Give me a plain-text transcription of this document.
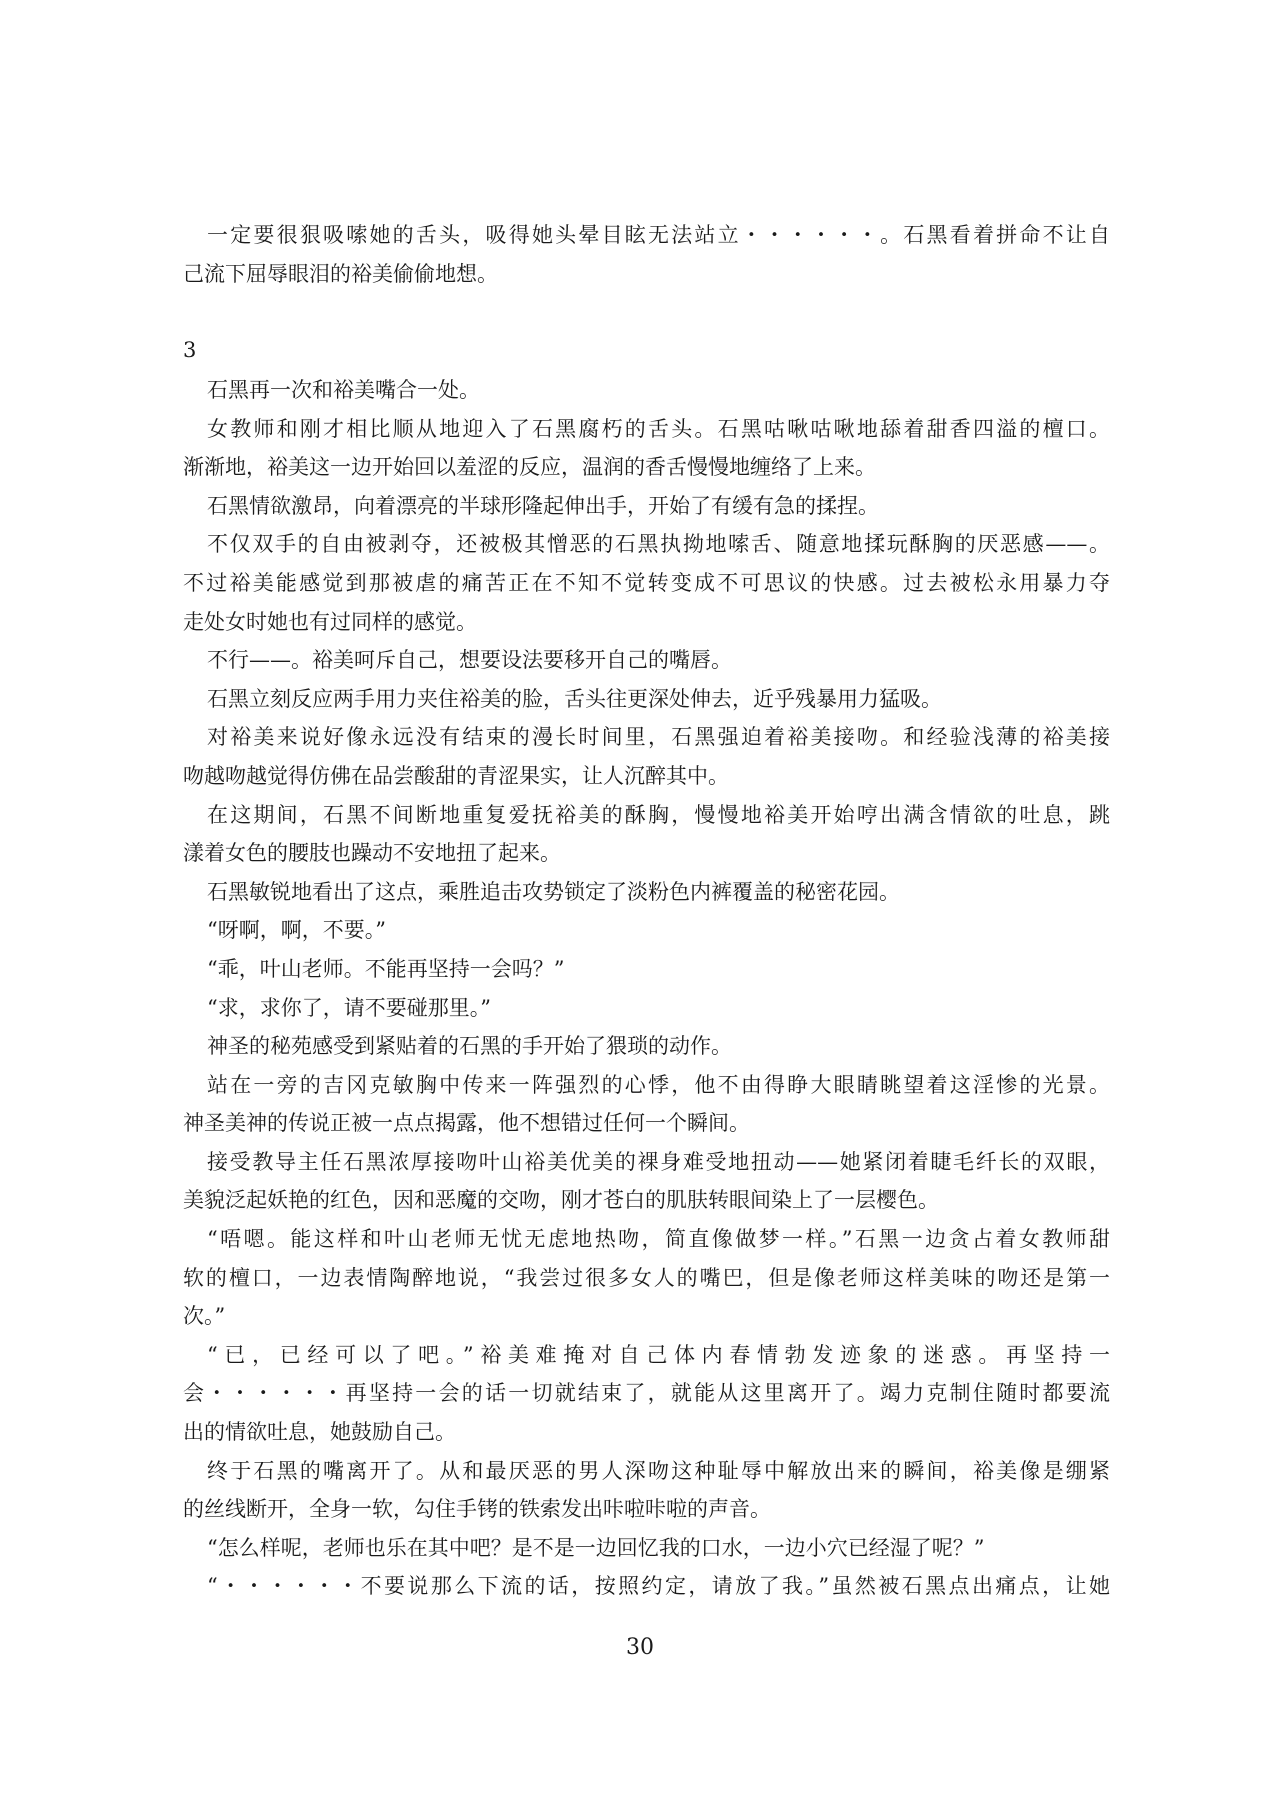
一定要很狠吸嗦她的舌头，吸得她头晕目眩无法站立・・・・・・。石黑看着拼命不让自
己流下屈辱眼泪的裕美偷偷地想。
3
石黑再一次和裕美嘴合一处。
女教师和刚才相比顺从地迎入了石黑腐朽的舌头。石黑咕啾咕啾地舔着甜香四溢的檀口。
渐渐地，裕美这一边开始回以羞涩的反应，温润的香舌慢慢地缠络了上来。
石黑情欲激昂，向着漂亮的半球形隆起伸出手，开始了有缓有急的揉捏。
不仅双手的自由被剥夺，还被极其憎恶的石黑执拗地嗦舌、随意地揉玩酥胸的厌恶感——。
不过裕美能感觉到那被虐的痛苦正在不知不觉转变成不可思议的快感。过去被松永用暴力夺
走处女时她也有过同样的感觉。
不行——。裕美呵斥自己，想要设法要移开自己的嘴唇。
石黑立刻反应两手用力夹住裕美的脸，舌头往更深处伸去，近乎残暴用力猛吸。
对裕美来说好像永远没有结束的漫长时间里，石黑强迫着裕美接吻。和经验浅薄的裕美接
吻越吻越觉得仿佛在品尝酸甜的青涩果实，让人沉醉其中。
在这期间，石黑不间断地重复爱抚裕美的酥胸，慢慢地裕美开始哼出满含情欲的吐息，跳
漾着女色的腰肢也躁动不安地扭了起来。
石黑敏锐地看出了这点，乘胜追击攻势锁定了淡粉色内裤覆盖的秘密花园。
“呀啊，啊，不要。”
“乖，叶山老师。不能再坚持一会吗？”
“求，求你了，请不要碰那里。”
神圣的秘苑感受到紧贴着的石黑的手开始了猥琐的动作。
站在一旁的吉冈克敏胸中传来一阵强烈的心悸，他不由得睁大眼睛眺望着这淫惨的光景。
神圣美神的传说正被一点点揭露，他不想错过任何一个瞬间。
接受教导主任石黑浓厚接吻叶山裕美优美的裸身难受地扭动——她紧闭着睫毛纤长的双眼，
美貌泛起妖艳的红色，因和恶魔的交吻，刚才苍白的肌肤转眼间染上了一层樱色。
“唔嗯。能这样和叶山老师无忧无虑地热吻，简直像做梦一样。”石黑一边贪占着女教师甜
软的檀口，一边表情陶醉地说，“我尝过很多女人的嘴巴，但是像老师这样美味的吻还是第一
次。”
“已，已经可以了吧。”裕美难掩对自己体内春情勃发迹象的迷惑。再坚持一
会・・・・・・再坚持一会的话一切就结束了，就能从这里离开了。竭力克制住随时都要流
出的情欲吐息，她鼓励自己。
终于石黑的嘴离开了。从和最厌恶的男人深吻这种耻辱中解放出来的瞬间，裕美像是绷紧
的丝线断开，全身一软，勾住手铐的铁索发出咔啦咔啦的声音。
“怎么样呢，老师也乐在其中吧？是不是一边回忆我的口水，一边小穴已经湿了呢？”
“・・・・・・不要说那么下流的话，按照约定，请放了我。”虽然被石黑点出痛点，让她
30
